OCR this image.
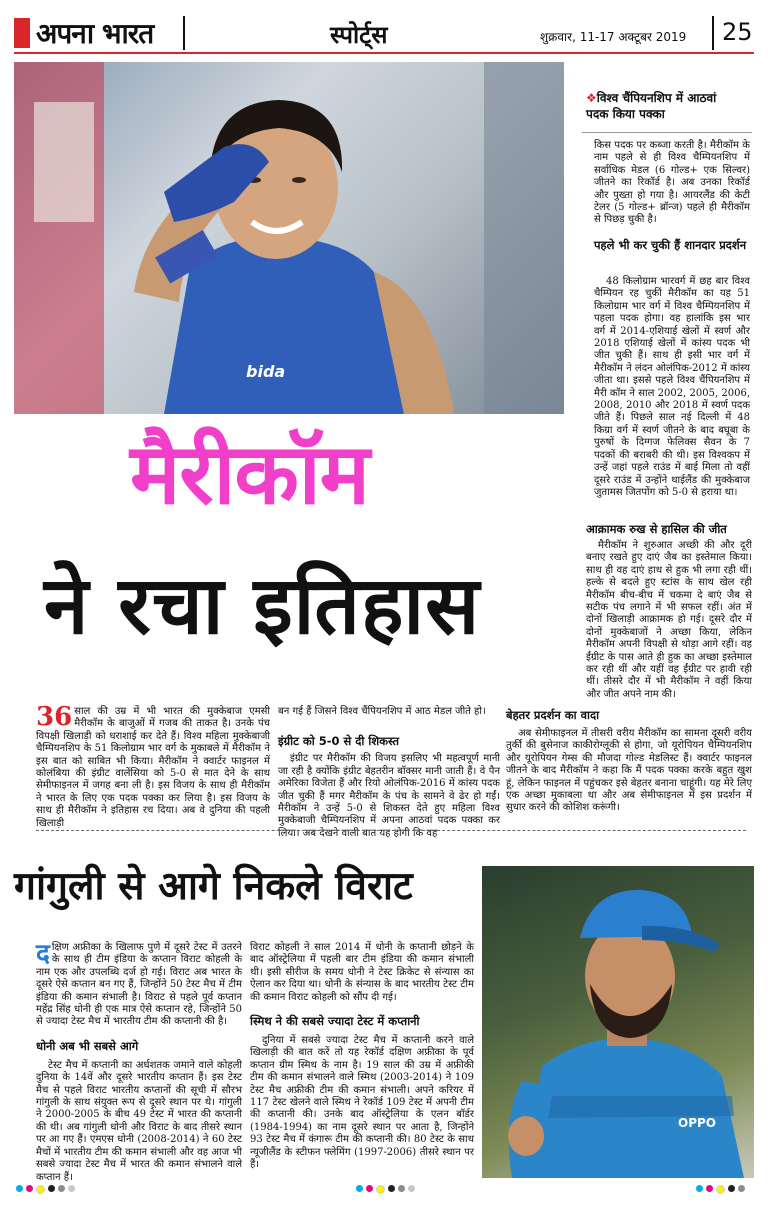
अपना भारत	स्पोर्ट्स	शुक्रवार, 11-17 अक्टूबर 2019 25
bida
❖विश्व चैंपियनशिप में आठवां पदक किया पक्का
किस पदक पर कब्जा करती है। मैरीकॉम के नाम पहले से ही विश्व चैम्पियनशिप में सर्वाधिक मेडल (6 गोल्ड+ एक सिल्वर) जीतने का रिकॉर्ड है। अब उनका रिकॉर्ड और पुख्ता हो गया है। आयरलैंड की केटी टेलर (5 गोल्ड+ ब्रॉन्ज) पहले ही मैरीकॉम से पिछड़ चुकी है।
पहले भी कर चुकी हैं शानदार प्रदर्शन
48 किलोग्राम भारवर्ग में छह बार विश्व चैम्पियन रह चुकीं मैरीकॉम का यह 51 किलोग्राम भार वर्ग में विश्व चैम्पियनशिप में पहला पदक होगा। वह हालांकि इस भार वर्ग में 2014-एशियाई खेलों में स्वर्ण और 2018 एशियाई खेलों में कांस्य पदक भी जीत चुकी हैं। साथ ही इसी भार वर्ग में मैरीकॉम ने लंदन ओलंपिक-2012 में कांस्य जीता था। इससे पहले विश्व चैंपियनशिप में मैरी कॉम ने साल 2002, 2005, 2006, 2008, 2010 और 2018 में स्वर्ण पदक जीते हैं। पिछले साल नई दिल्ली में 48 किग्रा वर्ग में स्वर्ण जीतने के बाद बघूबा के पुरुषों के दिग्गज फेलिक्स सैवन के 7 पदकों की बराबरी की थी। इस विश्वकप में उन्हें जहां पहले राउंड में बाई मिला तो वहीं दूसरे राउंड में उन्होंने थाईलैंड की मुक्केबाज जुतामस जितपोंग को 5-0 से हराया था।
आक्रामक रुख से हासिल की जीत
मैरीकॉम ने शुरुआत अच्छी की और दूरी बनाए रखते हुए दाएं जैब का इस्तेमाल किया। साथ ही वह दाएं हाथ से हुक भी लगा रही थीं। हल्के से बदले हुए स्टांस के साथ खेल रही मैरीकॉम बीच-बीच में चकमा दे बाएं जैब से सटीक पंच लगाने में भी सफल रहीं। अंत में दोनों खिलाड़ी आक्रामक हो गई। दूसरे दौर में दोनों मुक्केबाजों ने अच्छा किया, लेकिन मैरीकॉम अपनी विपक्षी से थोड़ा आगे रहीं। वह ईंग्रीट के पास आते ही हुक का अच्छा इस्तेमाल कर रही थीं और यहीं वह ईंग्रीट पर हावी रही थीं। तीसरे दौर में भी मैरीकॉम ने वहीं किया और जीत अपने नाम की।
मैरीकॉम
ने रचा इतिहास
36 साल की उम्र में भी भारत की मुक्केबाज एमसी मैरीकॉम के बाजुओं में गजब की ताकत है। उनके पंच विपक्षी खिलाड़ी को धराशाई कर देते हैं। विश्व महिला मुक्केबाजी चैम्पियनशिप के 51 किलोग्राम भार वर्ग के मुकाबले में मैरीकॉम ने इस बात को साबित भी किया। मैरीकॉम ने क्वार्टर फाइनल में कोलंबिया की इंग्रीट वालेंसिया को 5-0 से मात देने के साथ सेमीफाइनल में जगह बना ली है। इस विजय के साथ ही मैरीकॉम ने भारत के लिए एक पदक पक्का कर लिया है। इस विजय के साथ ही मैरीकॉम ने इतिहास रच दिया। अब वे दुनिया की पहली खिलाड़ी
बन गई हैं जिसने विश्व चैंपियनशिप में आठ मेडल जीते हो।
इंग्रीट को 5-0 से दी शिकस्त
इंग्रीट पर मैरीकॉम की विजय इसलिए भी महत्वपूर्ण मानी जा रही है क्योंकि इंग्रीट बेहतरीन बॉक्सर मानी जाती हैं। वे पैन अमेरिका विजेता हैं और रियो ओलंपिक-2016 में कांस्य पदक जीत चुकी हैं मगर मैरीकॉम के पंच के सामने वे ढेर हो गईं। मैरीकॉम ने उन्हें 5-0 से शिकस्त देते हुए महिला विश्व मुक्केबाजी चैम्पियनशिप में अपना आठवां पदक पक्का कर लिया। अब देखने वाली बात यह होगी कि वह
बेहतर प्रदर्शन का वादा
अब सेमीफाइनल में तीसरी वरीय मैरीकॉम का सामना दूसरी वरीय तुर्की की बुसेनाज काकीरोग्लूकी से होगा, जो यूरोपियन चैम्पियनशिप और यूरोपियन गेम्स की मौजदा गोल्ड मेडलिस्ट हैं। क्वार्टर फाइनल जीतने के बाद मैरीकॉम ने कहा कि मैं पदक पक्का करके बहुत खुश हूं, लेकिन फाइनल में पहुंचकर इसे बेहतर बनाना चाहूंगी। यह मेरे लिए एक अच्छा मुकाबला था और अब सेमीफाइनल में इस प्रदर्शन में सुधार करने की कोशिश करूंगी।
गांगुली से आगे निकले विराट
दक्षिण अफ्रीका के खिलाफ पुणे में दूसरे टेस्ट में उतरने के साथ ही टीम इंडिया के कप्तान विराट कोहली के नाम एक और उपलब्धि दर्ज हो गई। विराट अब भारत के दूसरे ऐसे कप्तान बन गए हैं, जिन्होंने 50 टेस्ट मैच में टीम इंडिया की कमान संभाली है। विराट से पहले पूर्व कप्तान महेंद्र सिंह धोनी ही एक मात्र ऐसे कप्तान रहे, जिन्होंने 50 से ज्यादा टेस्ट मैच में भारतीय टीम की कप्तानी की है।
धोनी अब भी सबसे आगे
टेस्ट मैच में कप्तानी का अर्धशतक जमाने वाले कोहली दुनिया के 14वें और दूसरे भारतीय कप्तान हैं। इस टेस्ट मैच से पहले विराट भारतीय कप्तानों की सूची में सौरभ गांगुली के साथ संयुक्त रूप से दूसरे स्थान पर थे। गांगुली ने 2000-2005 के बीच 49 टेस्ट में भारत की कप्तानी की थी। अब गांगुली धोनी और विराट के बाद तीसरे स्थान पर आ गए हैं। एमएस धोनी (2008-2014) ने 60 टेस्ट मैचों में भारतीय टीम की कमान संभाली और वह आज भी सबसे ज्यादा टेस्ट मैच में भारत की कमान संभालने वाले कप्तान हैं।
विराट कोहली ने साल 2014 में धोनी के कप्तानी छोड़ने के बाद ऑस्ट्रेलिया में पहली बार टीम इंडिया की कमान संभाली थी। इसी सीरीज के समय धोनी ने टेस्ट क्रिकेट से संन्यास का ऐलान कर दिया था। धोनी के संन्यास के बाद भारतीय टेस्ट टीम की कमान विराट कोहली को सौंप दी गई।
स्मिथ ने की सबसे ज्यादा टेस्ट में कप्तानी
दुनिया में सबसे ज्यादा टेस्ट मैच में कप्तानी करने वाले खिलाड़ी की बात करें तो यह रेकॉर्ड दक्षिण अफ्रीका के पूर्व कप्तान ग्रीम स्मिथ के नाम है। 19 साल की उम्र में अफ्रीकी टीम की कमान संभालने वाले स्मिथ (2003-2014) ने 109 टेस्ट मैच अफ्रीकी टीम की कमान संभाली। अपने करियर में 117 टेस्ट खेलने वाले स्मिथ ने रेकॉर्ड 109 टेस्ट में अपनी टीम की कप्तानी की। उनके बाद ऑस्ट्रेलिया के एलन बॉर्डर (1984-1994) का नाम दूसरे स्थान पर आता है, जिन्होंने 93 टेस्ट मैच में कंगारू टीम की कप्तानी की। 80 टेस्ट के साथ न्यूजीलैंड के स्टीफन फ्लेमिंग (1997-2006) तीसरे स्थान पर हैं।
OPPO
